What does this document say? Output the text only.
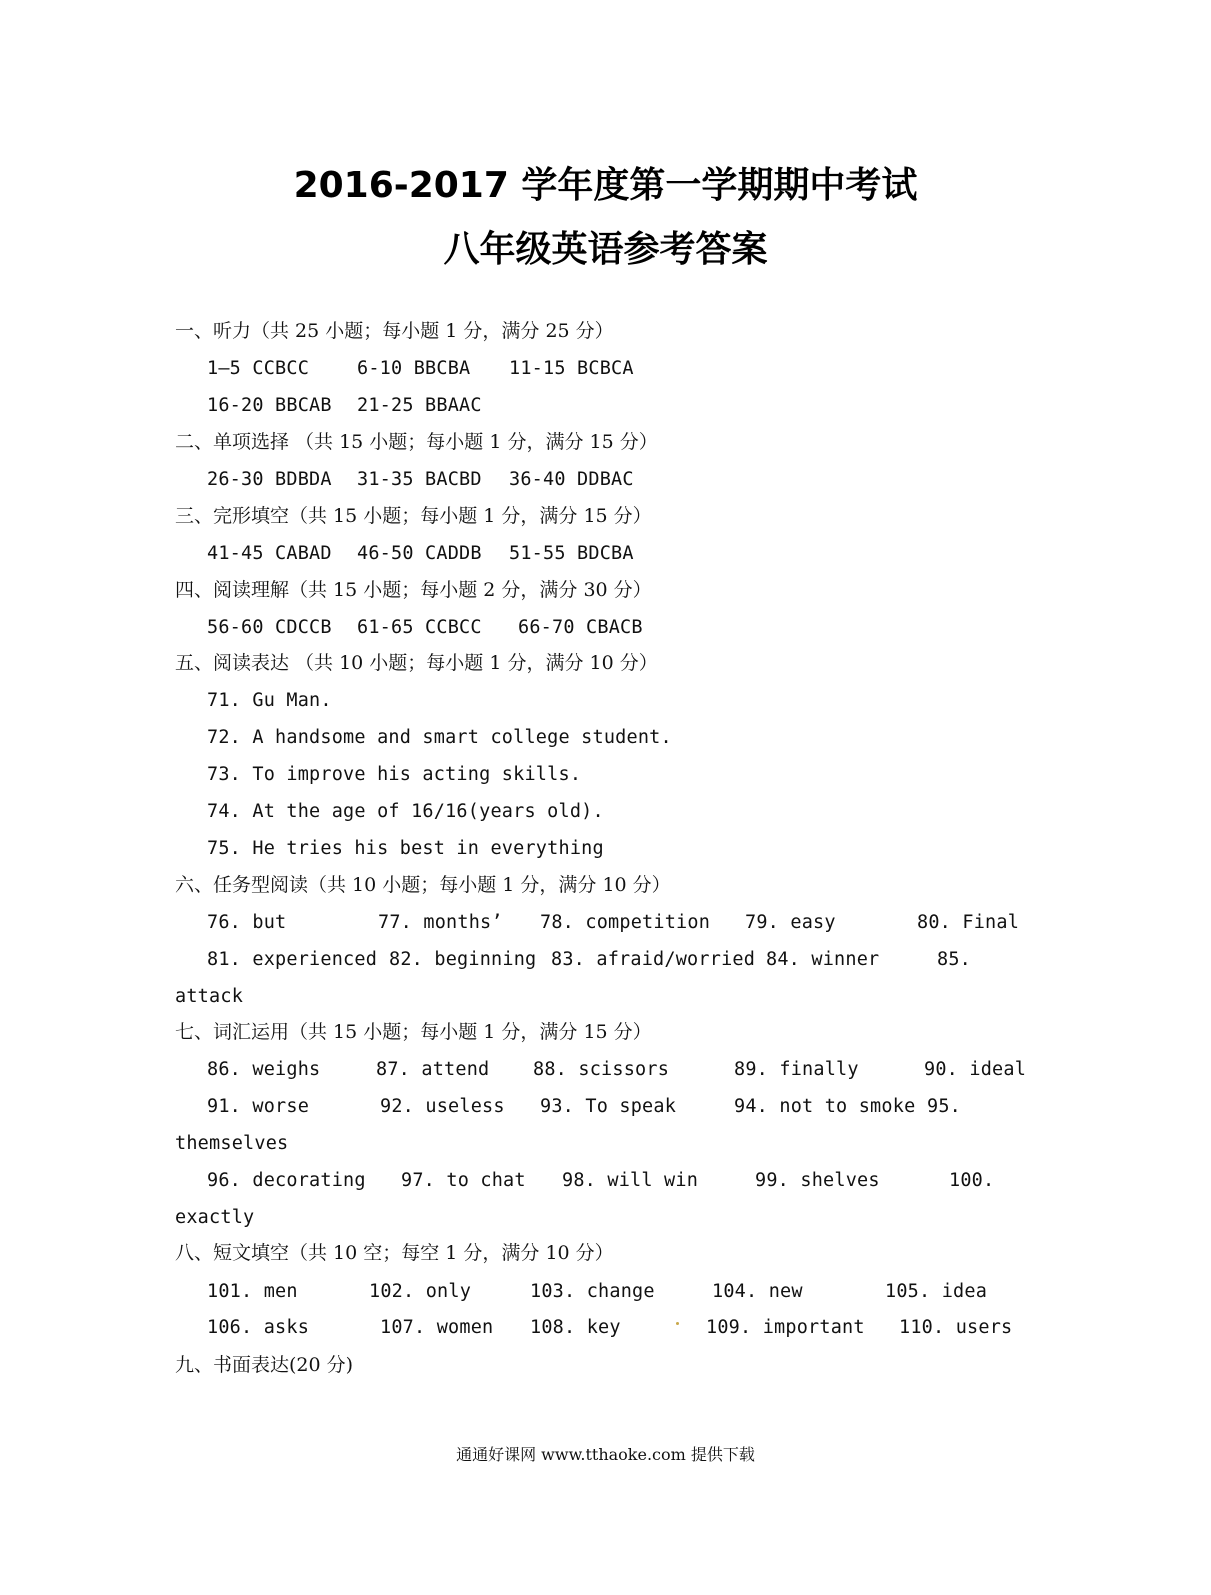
2016-2017 学年度第一学期期中考试
八年级英语参考答案
一、听力（共 25 小题；每小题 1 分，满分 25 分）
1—5 CCBCC	6-10 BBCBA 11-15 BCBCA
16-20 BBCAB 21-25 BBAAC
二、单项选择 （共 15 小题；每小题 1 分，满分 15 分）
26-30 BDBDA 31-35 BACBD 36-40 DDBAC
三、完形填空（共 15 小题；每小题 1 分，满分 15 分）
41-45 CABAD 46-50 CADDB 51-55 BDCBA
四、阅读理解（共 15 小题；每小题 2 分，满分 30 分）
56-60 CDCCB 61-65 CCBCC 66-70 CBACB
五、阅读表达 （共 10 小题；每小题 1 分，满分 10 分）
71. Gu Man.
72. A handsome and smart college student.
73. To improve his acting skills.
74. At the age of 16/16(years old).
75. He tries his best in everything
六、任务型阅读（共 10 小题；每小题 1 分，满分 10 分）
76. but	77. months’ 78. competition 79. easy	80. Final
81. experienced 82. beginning 83. afraid/worried 84. winner	85.
attack
七、词汇运用（共 15 小题；每小题 1 分，满分 15 分）
86. weighs	87. attend 88. scissors	89. finally	90. ideal
91. worse	92. useless 93. To speak	94. not to smoke 95.
themselves
96. decorating 97. to chat 98. will win	99. shelves	100.
exactly
八、短文填空（共 10 空；每空 1 分，满分 10 分）
101. men	102. only	103. change	104. new	105. idea
106. asks	107. women 108. key	109. important 110. users
九、书面表达(20 分)
通通好课网 www.tthaoke.com 提供下载
